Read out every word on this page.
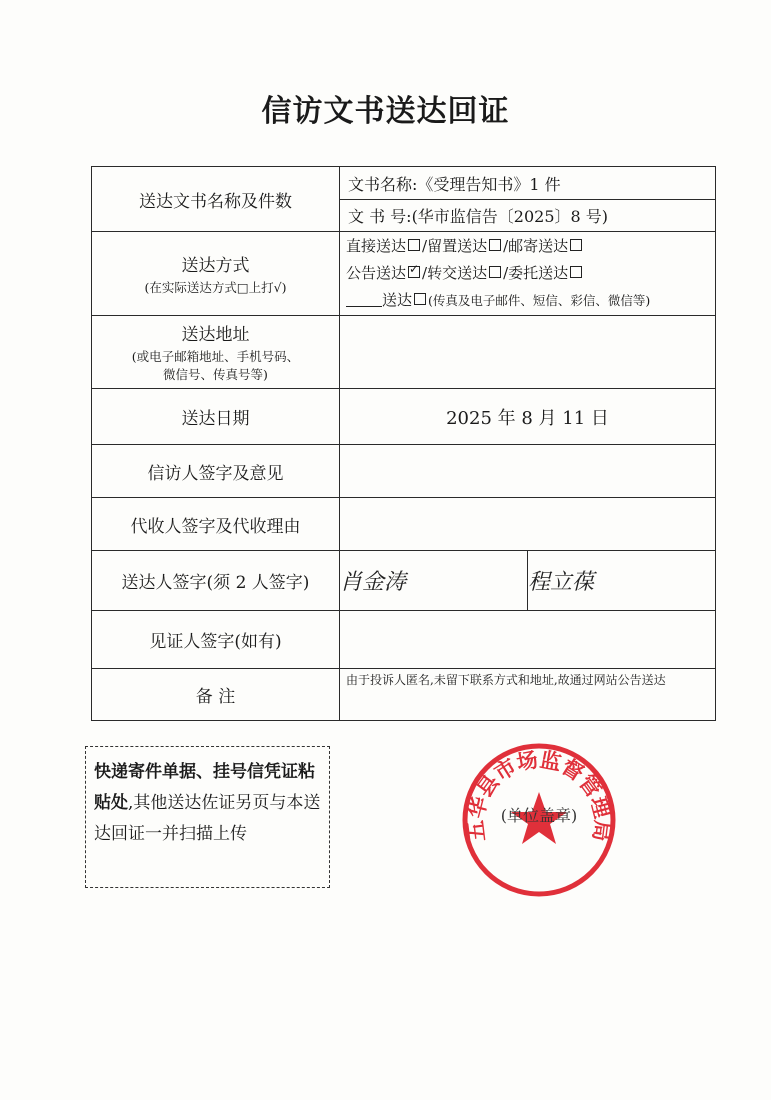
信访文书送达回证
送达文书名称及件数	
文书名称:《受理告知书》1 件
文 书 号:(华市监信告〔2025〕8 号)

送达方式
(在实际送达方式□上打√)

直接送达 /留置送达 /邮寄送达
公告送达✓ /转交送达 /委托送达
送达 (传真及电子邮件、短信、彩信、微信等)

送达地址
(或电子邮箱地址、手机号码、
微信号、传真号等)

送达日期	2025 年 8 月 11 日
信访人签字及意见	
代收人签字及代收理由	
送达人签字(须 2 人签字)	肖金涛	程立葆
见证人签字(如有)	
备 注	由于投诉人匿名,未留下联系方式和地址,故通过网站公告送达
快递寄件单据、挂号信凭证粘贴处,其他送达佐证另页与本送达回证一并扫描上传	五华县市场监督管理局
(单位盖章)
